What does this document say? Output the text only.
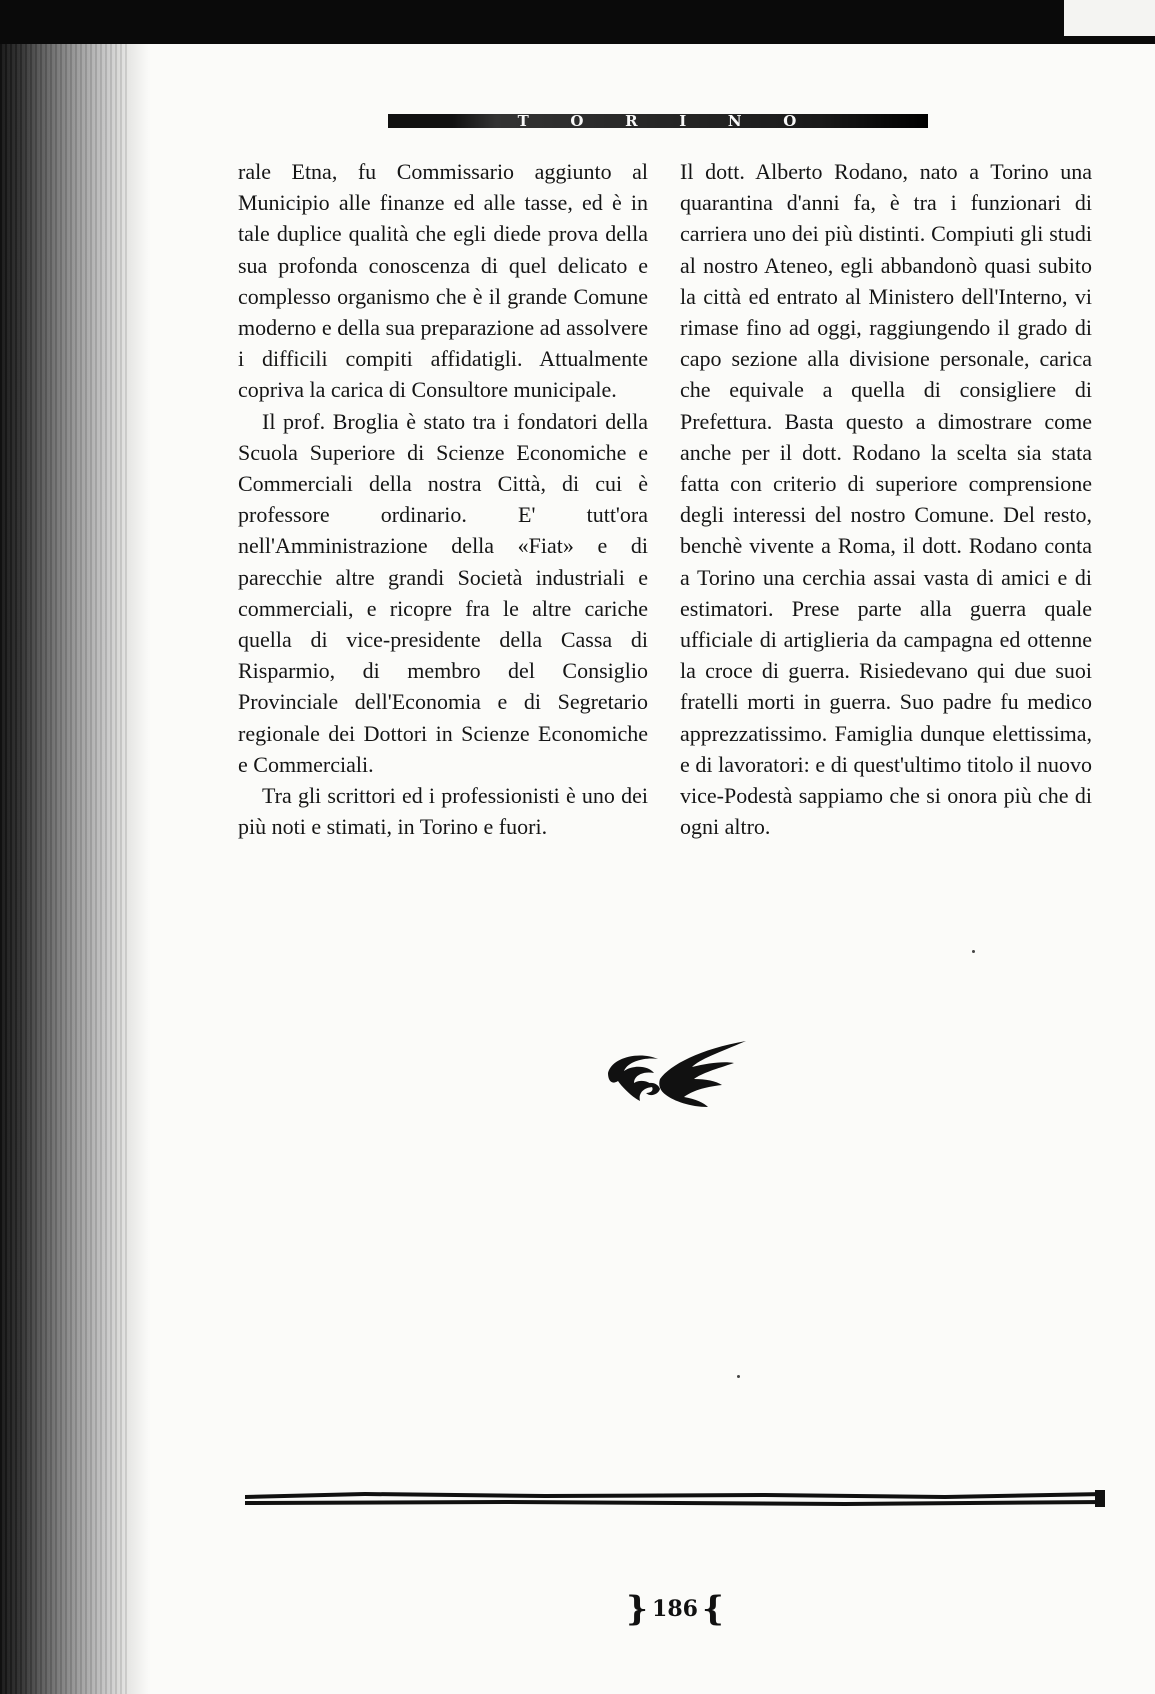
T	O	R	I	N	O

rale Etna, fu Commissario aggiunto al Municipio alle finanze ed alle tasse, ed è in tale duplice qualità che egli diede prova della sua profonda conoscenza di quel delicato e complesso organismo che è il grande Comune moderno e della sua preparazione ad assolvere i difficili compiti affidatigli. Attualmente copriva la carica di Consultore municipale.

Il prof. Broglia è stato tra i fondatori della Scuola Superiore di Scienze Economiche e Commerciali della nostra Città, di cui è professore ordinario. E' tutt'ora nell'Amministrazione della «Fiat» e di parecchie altre grandi Società industriali e commerciali, e ricopre fra le altre cariche quella di vice-presidente della Cassa di Risparmio, di membro del Consiglio Provinciale dell'Economia e di Segretario regionale dei Dottori in Scienze Economiche e Commerciali.

Tra gli scrittori ed i professionisti è uno dei più noti e stimati, in Torino e fuori.

Il dott. Alberto Rodano, nato a Torino una quarantina d'anni fa, è tra i funzionari di carriera uno dei più distinti. Compiuti gli studi al nostro Ateneo, egli abbandonò quasi subito la città ed entrato al Ministero dell'Interno, vi rimase fino ad oggi, raggiungendo il grado di capo sezione alla divisione personale, carica che equivale a quella di consigliere di Prefettura. Basta questo a dimostrare come anche per il dott. Rodano la scelta sia stata fatta con criterio di superiore comprensione degli interessi del nostro Comune. Del resto, benchè vivente a Roma, il dott. Rodano conta a Torino una cerchia assai vasta di amici e di estimatori. Prese parte alla guerra quale ufficiale di artiglieria da campagna ed ottenne la croce di guerra. Risiedevano qui due suoi fratelli morti in guerra. Suo padre fu medico apprezzatissimo. Famiglia dunque elettissima, e di lavoratori: e di quest'ultimo titolo il nuovo vice-Podestà sappiamo che si onora più che di ogni altro.

} 186 {
